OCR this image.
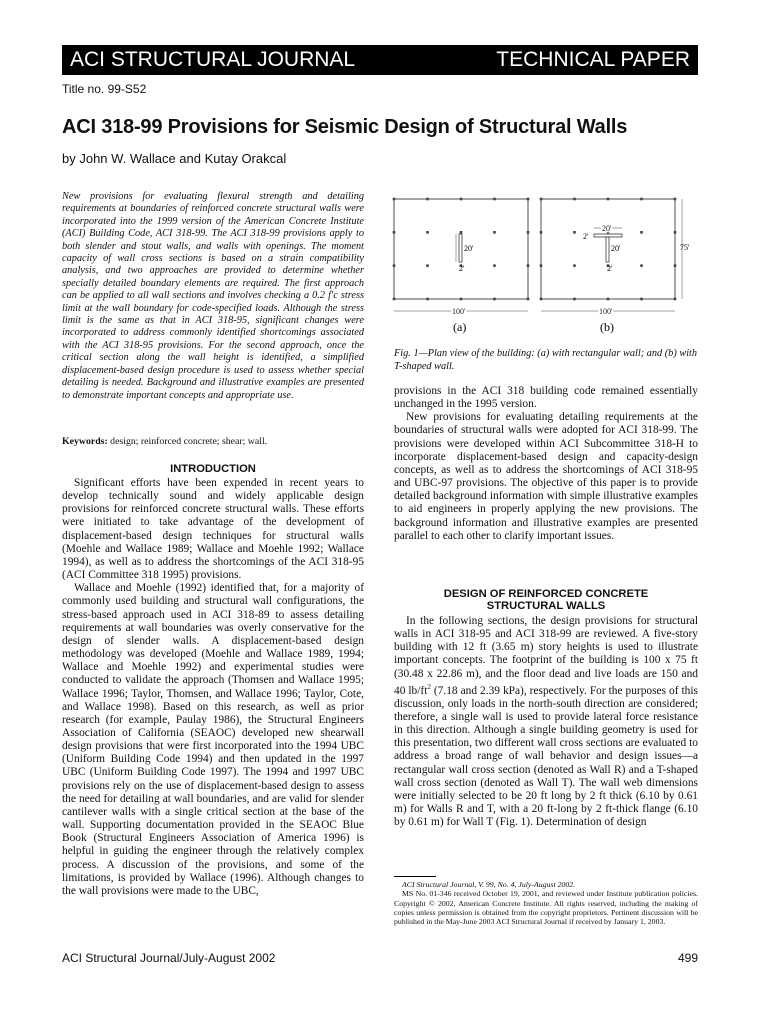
ACI STRUCTURAL JOURNAL	TECHNICAL PAPER
Title no. 99-S52
ACI 318-99 Provisions for Seismic Design of Structural Walls
by John W. Wallace and Kutay Orakcal

New provisions for evaluating flexural strength and detailing requirements at boundaries of reinforced concrete structural walls were incorporated into the 1999 version of the American Concrete Institute (ACI) Building Code, ACI 318-99. The ACI 318-99 provisions apply to both slender and stout walls, and walls with openings. The moment capacity of wall cross sections is based on a strain compatibility analysis, and two approaches are provided to determine whether specially detailed boundary elements are required. The first approach can be applied to all wall sections and involves checking a 0.2 f′c stress limit at the wall boundary for code-specified loads. Although the stress limit is the same as that in ACI 318-95, significant changes were incorporated to address commonly identified shortcomings associated with the ACI 318-95 provisions. For the second approach, once the critical section along the wall height is identified, a simplified displacement-based design procedure is used to assess whether special detailing is needed. Background and illustrative examples are presented to demonstrate important concepts and appropriate use.

Keywords: design; reinforced concrete; shear; wall.
INTRODUCTION

Significant efforts have been expended in recent years to develop technically sound and widely applicable design provisions for reinforced concrete structural walls. These efforts were initiated to take advantage of the development of displacement-based design techniques for structural walls (Moehle and Wallace 1989; Wallace and Moehle 1992; Wallace 1994), as well as to address the shortcomings of the ACI 318-95 (ACI Committee 318 1995) provisions.

Wallace and Moehle (1992) identified that, for a majority of commonly used building and structural wall configurations, the stress-based approach used in ACI 318-89 to assess detailing requirements at wall boundaries was overly conservative for the design of slender walls. A displacement-based design methodology was developed (Moehle and Wallace 1989, 1994; Wallace and Moehle 1992) and experimental studies were conducted to validate the approach (Thomsen and Wallace 1995; Wallace 1996; Taylor, Thomsen, and Wallace 1996; Taylor, Cote, and Wallace 1998). Based on this research, as well as prior research (for example, Paulay 1986), the Structural Engineers Association of California (SEAOC) developed new shearwall design provisions that were first incorporated into the 1994 UBC (Uniform Building Code 1994) and then updated in the 1997 UBC (Uniform Building Code 1997). The 1994 and 1997 UBC provisions rely on the use of displacement-based design to assess the need for detailing at wall boundaries, and are valid for slender cantilever walls with a single critical section at the base of the wall. Supporting documentation provided in the SEAOC Blue Book (Structural Engineers Association of America 1996) is helpful in guiding the engineer through the relatively complex process. A discussion of the provisions, and some of the limitations, is provided by Wallace (1996). Although changes to the wall provisions were made to the UBC,

20'
2'
100'
(a)
20'
2'
20'
2'
100'
75'
(b)
Fig. 1—Plan view of the building: (a) with rectangular wall; and (b) with T-shaped wall.

provisions in the ACI 318 building code remained essentially unchanged in the 1995 version.

New provisions for evaluating detailing requirements at the boundaries of structural walls were adopted for ACI 318-99. The provisions were developed within ACI Subcommittee 318-H to incorporate displacement-based design and capacity-design concepts, as well as to address the shortcomings of ACI 318-95 and UBC-97 provisions. The objective of this paper is to provide detailed background information with simple illustrative examples to aid engineers in properly applying the new provisions. The background information and illustrative examples are presented parallel to each other to clarify important issues.

DESIGN OF REINFORCED CONCRETE
STRUCTURAL WALLS

In the following sections, the design provisions for structural walls in ACI 318-95 and ACI 318-99 are reviewed. A five-story building with 12 ft (3.65 m) story heights is used to illustrate important concepts. The footprint of the building is 100 x 75 ft (30.48 x 22.86 m), and the floor dead and live loads are 150 and 40 $lb/ft^2$ (7.18 and 2.39 kPa), respectively. For the purposes of this discussion, only loads in the north-south direction are considered; therefore, a single wall is used to provide lateral force resistance in this direction. Although a single building geometry is used for this presentation, two different wall cross sections are evaluated to address a broad range of wall behavior and design issues—a rectangular wall cross section (denoted as Wall R) and a T-shaped wall cross section (denoted as Wall T). The wall web dimensions were initially selected to be 20 ft long by 2 ft thick (6.10 by 0.61 m) for Walls R and T, with a 20 ft-long by 2 ft-thick flange (6.10 by 0.61 m) for Wall T (Fig. 1). Determination of design

ACI Structural Journal, V. 99, No. 4, July-August 2002.
MS No. 01-346 received October 19, 2001, and reviewed under Institute publication policies. Copyright © 2002, American Concrete Institute. All rights reserved, including the making of copies unless permission is obtained from the copyright proprietors. Pertinent discussion will be published in the May-June 2003 ACI Structural Journal if received by January 1, 2003.
ACI Structural Journal/July-August 2002	499
